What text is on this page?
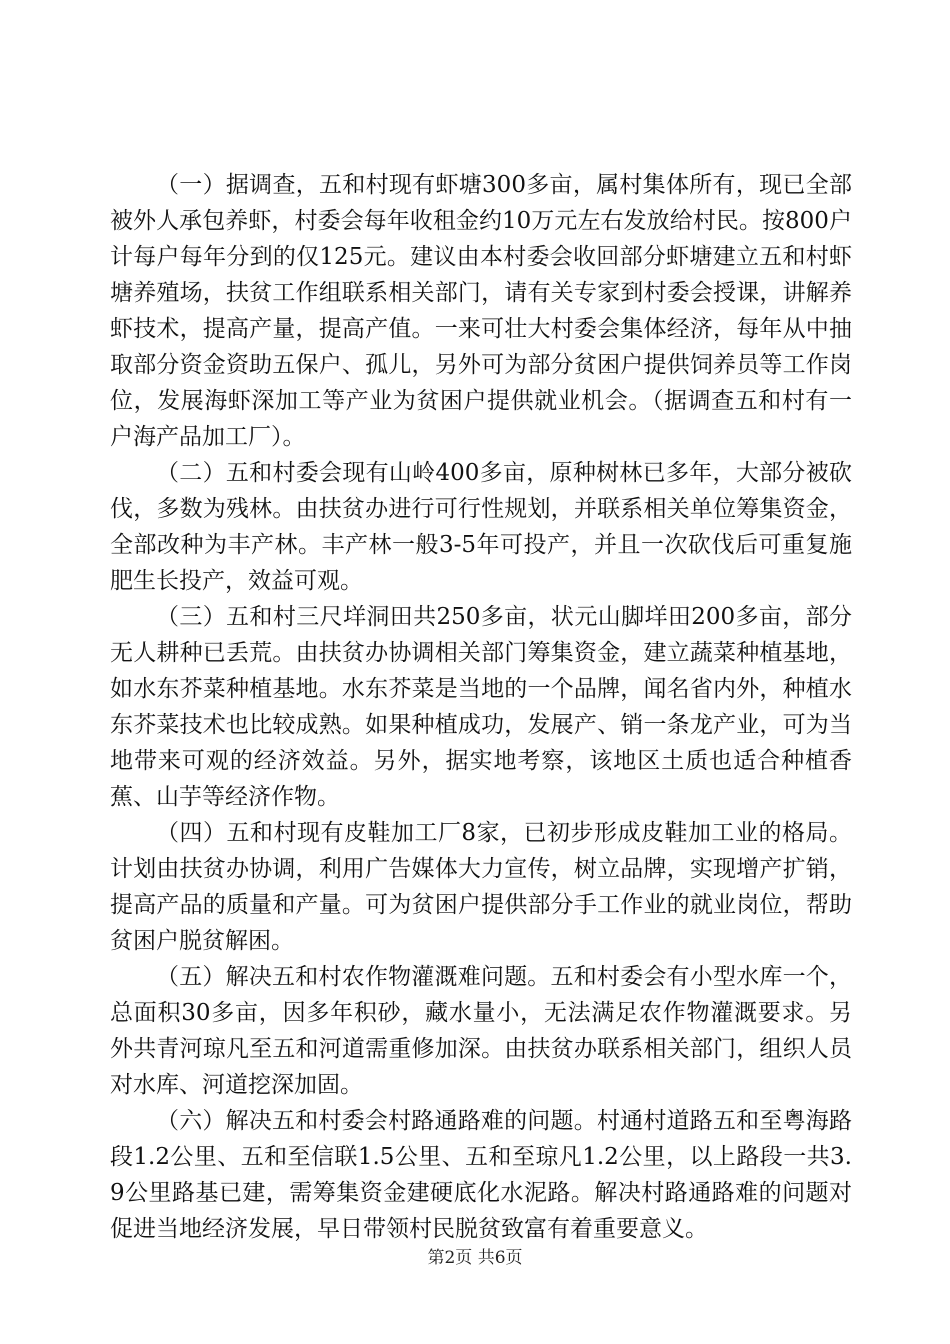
（一）据调查，五和村现有虾塘300多亩，属村集体所有，现已全部被外人承包养虾，村委会每年收租金约10万元左右发放给村民。按800户计每户每年分到的仅125元。建议由本村委会收回部分虾塘建立五和村虾塘养殖场，扶贫工作组联系相关部门，请有关专家到村委会授课，讲解养虾技术，提高产量，提高产值。一来可壮大村委会集体经济，每年从中抽取部分资金资助五保户、孤儿，另外可为部分贫困户提供饲养员等工作岗位，发展海虾深加工等产业为贫困户提供就业机会。（据调查五和村有一户海产品加工厂）。

（二）五和村委会现有山岭400多亩，原种树林已多年，大部分被砍伐，多数为残林。由扶贫办进行可行性规划，并联系相关单位筹集资金，全部改种为丰产林。丰产林一般3-5年可投产，并且一次砍伐后可重复施肥生长投产，效益可观。

（三）五和村三尺垟洞田共250多亩，状元山脚垟田200多亩，部分无人耕种已丢荒。由扶贫办协调相关部门筹集资金，建立蔬菜种植基地，如水东芥菜种植基地。水东芥菜是当地的一个品牌，闻名省内外，种植水东芥菜技术也比较成熟。如果种植成功，发展产、销一条龙产业，可为当地带来可观的经济效益。另外，据实地考察，该地区土质也适合种植香蕉、山芋等经济作物。

（四）五和村现有皮鞋加工厂8家，已初步形成皮鞋加工业的格局。计划由扶贫办协调，利用广告媒体大力宣传，树立品牌，实现增产扩销，提高产品的质量和产量。可为贫困户提供部分手工作业的就业岗位，帮助贫困户脱贫解困。

（五）解决五和村农作物灌溉难问题。五和村委会有小型水库一个，总面积30多亩，因多年积砂，藏水量小，无法满足农作物灌溉要求。另外共青河琼凡至五和河道需重修加深。由扶贫办联系相关部门，组织人员对水库、河道挖深加固。

（六）解决五和村委会村路通路难的问题。村通村道路五和至粤海路段1.2公里、五和至信联1.5公里、五和至琼凡1.2公里，以上路段一共3.9公里路基已建，需筹集资金建硬底化水泥路。解决村路通路难的问题对促进当地经济发展，早日带领村民脱贫致富有着重要意义。

第2页 共6页
